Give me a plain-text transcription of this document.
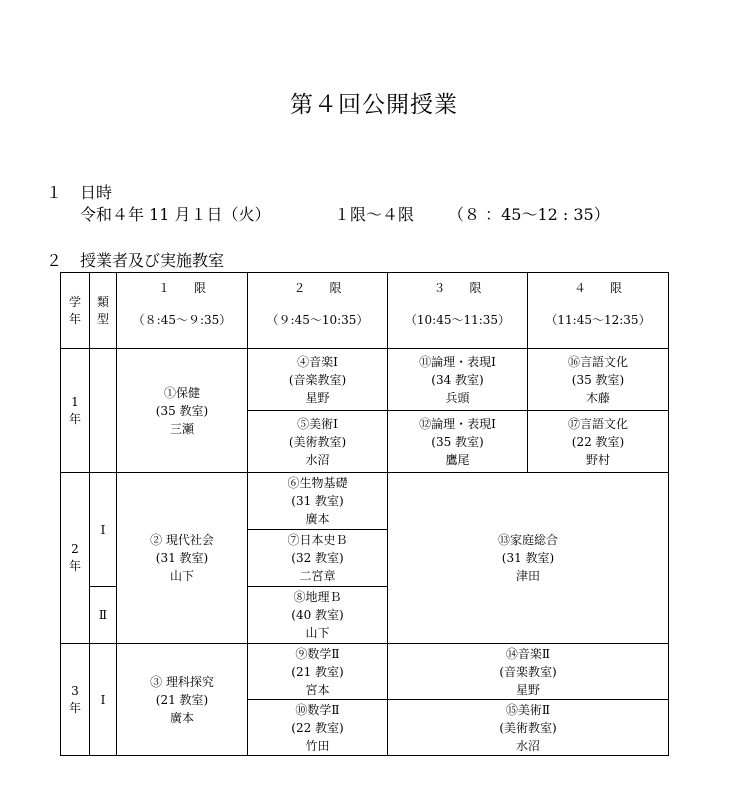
第４回公開授業
１ 日時
令和４年 11 月１日（火）	１限～４限 （８ ：45～12 : 35）
２ 授業者及び実施教室
学
年	類
型	１　　限
（８:45～９:35）	２　　限
（９:45～10:35）	３　　限
（10:45～11:35）	４　　限
（11:45～12:35）

1
年		①保健
(35 教室)
三瀬	④音楽Ⅰ
(音楽教室)
星野	⑪論理・表現Ⅰ
(34 教室)
兵頭	⑯言語文化
(35 教室)
木藤

			⑤美術Ⅰ
(美術教室)
水沼	⑫論理・表現Ⅰ
(35 教室)
鷹尾	⑰言語文化
(22 教室)
野村

2
年	Ⅰ	② 現代社会
(31 教室)
山下	⑥生物基礎
(31 教室)
廣本	⑬家庭総合
(31 教室)
津田	

			⑦日本史Ｂ
(32 教室)
二宮章		

	Ⅱ		⑧地理Ｂ
(40 教室)
山下		

3
年	Ⅰ	③ 理科探究
(21 教室)
廣本	⑨数学Ⅱ
(21 教室)
宮本	⑭音楽Ⅱ
(音楽教室)
星野	

			⑩数学Ⅱ
(22 教室)
竹田	⑮美術Ⅱ
(美術教室)
水沼	
